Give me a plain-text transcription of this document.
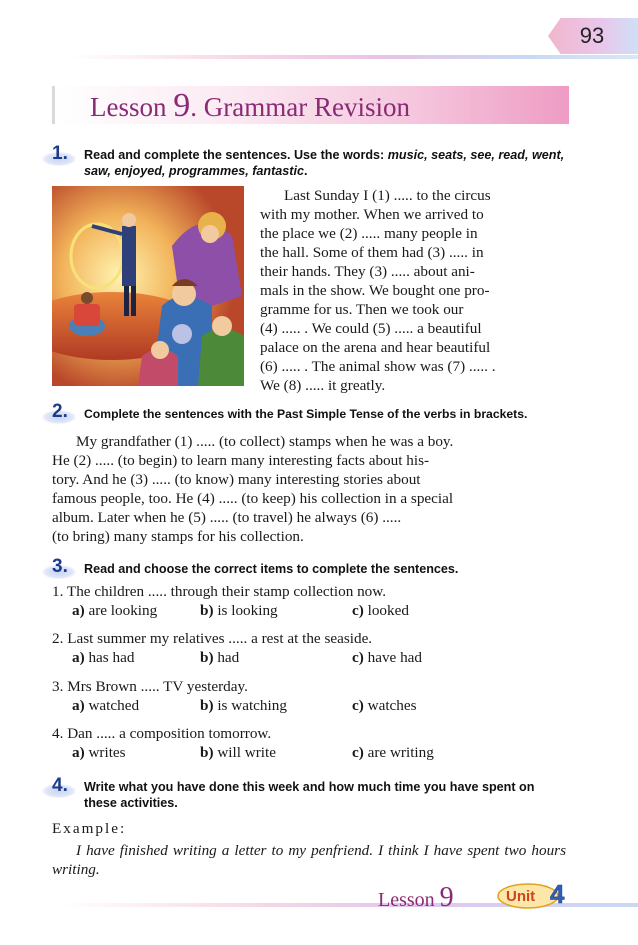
93
Lesson 9. Grammar Revision
1. Read and complete the sentences. Use the words: music, seats, see, read, went, saw, enjoyed, programmes, fantastic.

Last Sunday I (1) ..... to the circus

with my mother. When we arrived to

the place we (2) ..... many people in

the hall. Some of them had (3) ..... in

their hands. They (3) ..... about ani-

mals in the show. We bought one pro-

gramme for us. Then we took our

(4) ..... . We could (5) ..... a beautiful

palace on the arena and hear beautiful

(6) ..... . The animal show was (7) ..... .

We (8) ..... it greatly.

2. Complete the sentences with the Past Simple Tense of the verbs in brackets.

My grandfather (1) ..... (to collect) stamps when he was a boy.

He (2) ..... (to begin) to learn many interesting facts about his-

tory. And he (3) ..... (to know) many interesting stories about

famous people, too. He (4) ..... (to keep) his collection in a special

album. Later when he (5) ..... (to travel) he always (6) .....

(to bring) many stamps for his collection.

3. Read and choose the correct items to complete the sentences.
1. The children ..... through their stamp collection now.
a) are looking	b) is looking	c) looked
2. Last summer my relatives ..... a rest at the seaside.
a) has had	b) had	c) have had
3. Mrs Brown ..... TV yesterday.
a) watched	b) is watching	c) watches
4. Dan ..... a composition tomorrow.
a) writes	b) will write	c) are writing
4. Write what you have done this week and how much time you have spent on these activities.
Example:

I have finished writing a letter to my penfriend. I think I have spent two hours writing.

Lesson 9	Unit 4
